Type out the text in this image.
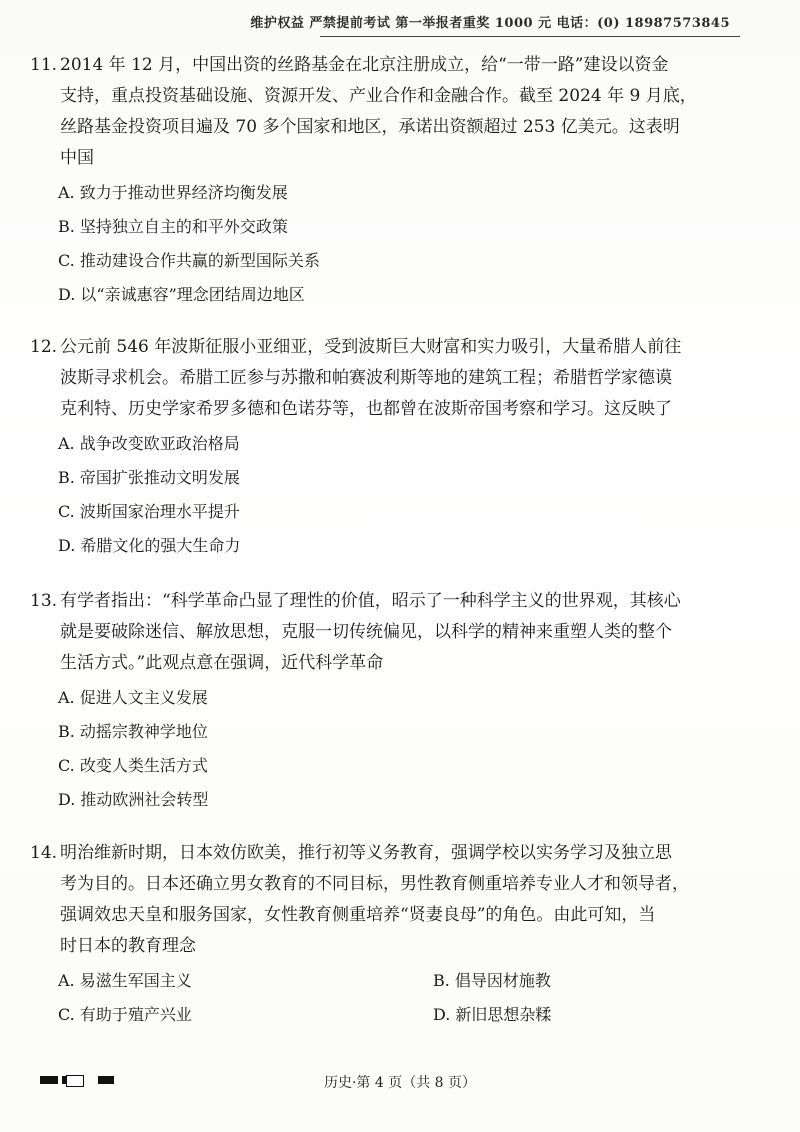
维护权益 严禁提前考试 第一举报者重奖 1000 元 电话：(0) 18987573845
11. 2014 年 12 月，中国出资的丝路基金在北京注册成立，给“一带一路”建设以资金
支持，重点投资基础设施、资源开发、产业合作和金融合作。截至 2024 年 9 月底，
丝路基金投资项目遍及 70 多个国家和地区，承诺出资额超过 253 亿美元。这表明
中国
A. 致力于推动世界经济均衡发展
B. 坚持独立自主的和平外交政策
C. 推动建设合作共赢的新型国际关系
D. 以“亲诚惠容”理念团结周边地区
12. 公元前 546 年波斯征服小亚细亚，受到波斯巨大财富和实力吸引，大量希腊人前往
波斯寻求机会。希腊工匠参与苏撒和帕赛波利斯等地的建筑工程；希腊哲学家德谟
克利特、历史学家希罗多德和色诺芬等，也都曾在波斯帝国考察和学习。这反映了
A. 战争改变欧亚政治格局
B. 帝国扩张推动文明发展
C. 波斯国家治理水平提升
D. 希腊文化的强大生命力
13. 有学者指出：“科学革命凸显了理性的价值，昭示了一种科学主义的世界观，其核心
就是要破除迷信、解放思想，克服一切传统偏见，以科学的精神来重塑人类的整个
生活方式。”此观点意在强调，近代科学革命
A. 促进人文主义发展
B. 动摇宗教神学地位
C. 改变人类生活方式
D. 推动欧洲社会转型
14. 明治维新时期，日本效仿欧美，推行初等义务教育，强调学校以实务学习及独立思
考为目的。日本还确立男女教育的不同目标，男性教育侧重培养专业人才和领导者，
强调效忠天皇和服务国家，女性教育侧重培养“贤妻良母”的角色。由此可知，当
时日本的教育理念
A. 易滋生军国主义	B. 倡导因材施教
C. 有助于殖产兴业	D. 新旧思想杂糅
历史·第 4 页（共 8 页）
